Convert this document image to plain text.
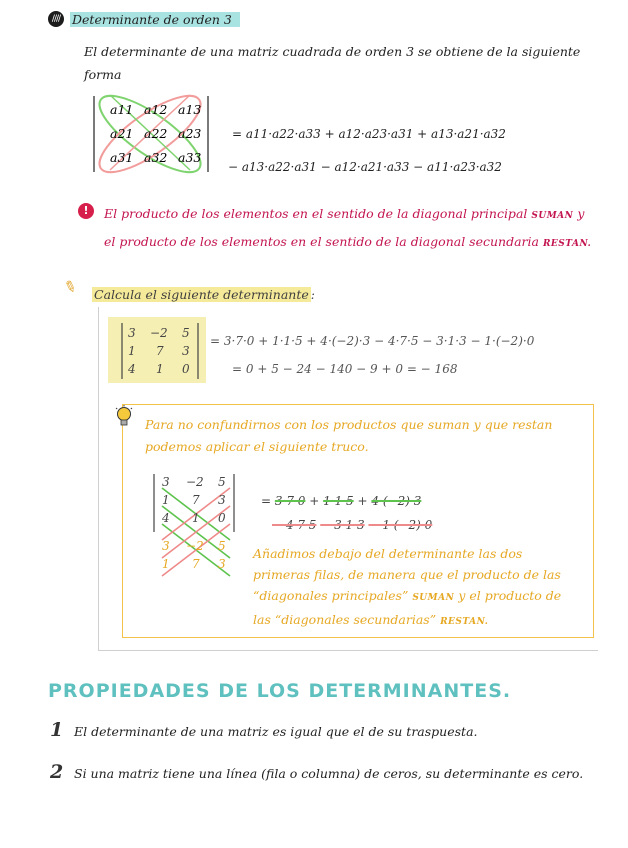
//// Determinante de orden 3
El determinante de una matriz cuadrada de orden 3 se obtiene de la siguiente forma
a11 a12 a13
a21 a22 a23
a31 a32 a33
= a11·a22·a33 + a12·a23·a31 + a13·a21·a32
− a13·a22·a31 − a12·a21·a33 − a11·a23·a32
!	El producto de los elementos en el sentido de la diagonal principal SUMAN y el producto de los elementos en el sentido de la diagonal secundaria RESTAN.
✎ Calcula el siguiente determinante :
3 −2 5
1 7 3
4 1 0
= 3·7·0 + 1·1·5 + 4·(−2)·3 − 4·7·5 − 3·1·3 − 1·(−2)·0
= 0 + 5 − 24 − 140 − 9 + 0 = − 168
Para no confundirnos con los productos que suman y que restan podemos aplicar el siguiente truco.
3 −2 5
1 7 3
4 1 0
3 −2 5
1 7 3
= 3·7·0 + 1·1·5 + 4·(−2)·3
− 4·7·5 − 3·1·3 − 1·(−2)·0
Añadimos debajo del determinante las dos primeras filas, de manera que el producto de las “diagonales principales” SUMAN y el producto de las “diagonales secundarias” RESTAN.
PROPIEDADES DE LOS DETERMINANTES.
1 El determinante de una matriz es igual que el de su traspuesta.
2 Si una matriz tiene una línea (fila o columna) de ceros, su determinante es cero.
